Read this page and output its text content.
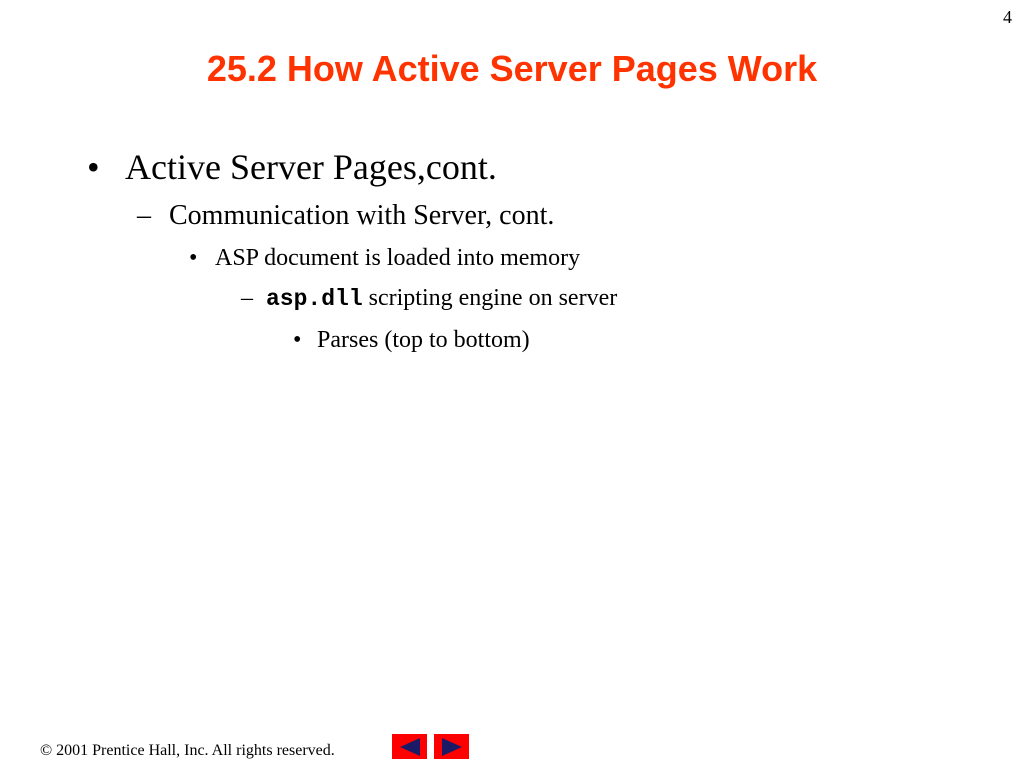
4
25.2 How Active Server Pages Work
• Active Server Pages,cont.
– Communication with Server, cont.
• ASP document is loaded into memory
– asp.dll scripting engine on server
• Parses (top to bottom)
© 2001 Prentice Hall, Inc. All rights reserved.
